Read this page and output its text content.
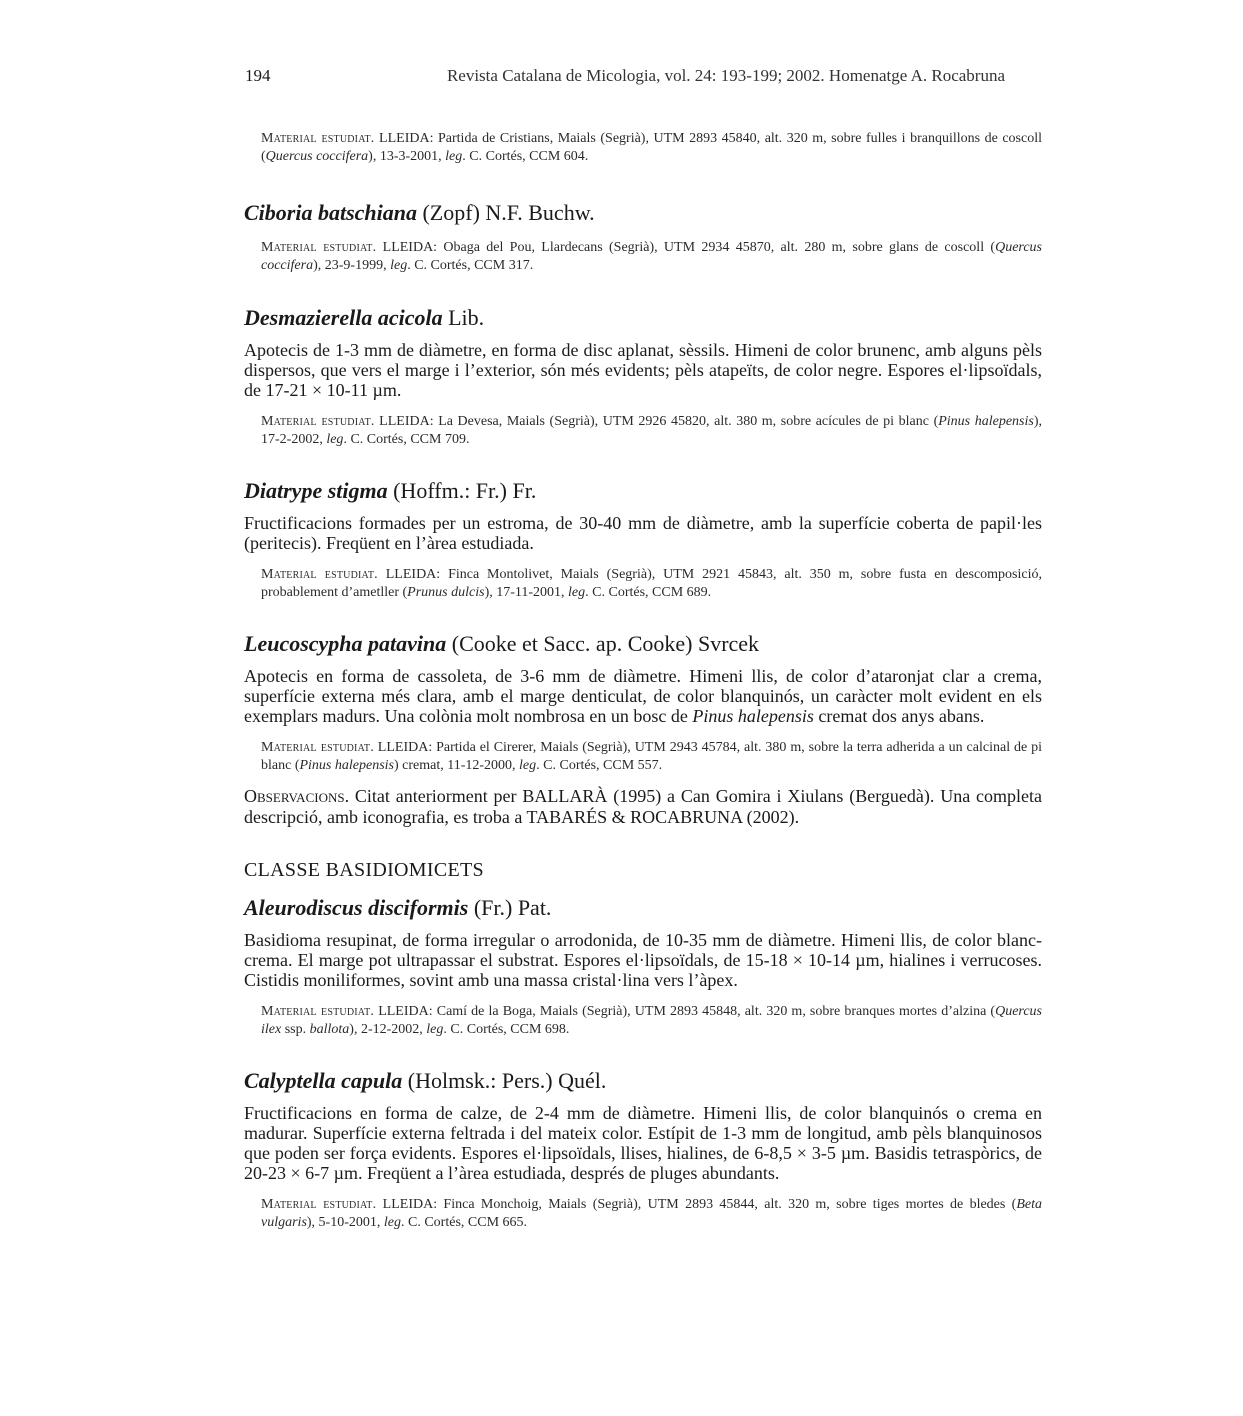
194	Revista Catalana de Micologia, vol. 24: 193-199; 2002. Homenatge A. Rocabruna
Material estudiat. LLEIDA: Partida de Cristians, Maials (Segrià), UTM 2893 45840, alt. 320 m, sobre fulles i branquillons de coscoll (Quercus coccifera), 13-3-2001, leg. C. Cortés, CCM 604.

Ciboria batschiana (Zopf) N.F. Buchw.

Material estudiat. LLEIDA: Obaga del Pou, Llardecans (Segrià), UTM 2934 45870, alt. 280 m, sobre glans de coscoll (Quercus coccifera), 23-9-1999, leg. C. Cortés, CCM 317.

Desmazierella acicola Lib.

Apotecis de 1-3 mm de diàmetre, en forma de disc aplanat, sèssils. Himeni de color brunenc, amb alguns pèls dispersos, que vers el marge i l’exterior, són més evidents; pèls atapeïts, de color negre. Espores el·lipsoïdals, de 17-21 × 10-11 µm.

Material estudiat. LLEIDA: La Devesa, Maials (Segrià), UTM 2926 45820, alt. 380 m, sobre acícules de pi blanc (Pinus halepensis), 17-2-2002, leg. C. Cortés, CCM 709.

Diatrype stigma (Hoffm.: Fr.) Fr.

Fructificacions formades per un estroma, de 30-40 mm de diàmetre, amb la superfície coberta de papil·les (peritecis). Freqüent en l’àrea estudiada.

Material estudiat. LLEIDA: Finca Montolivet, Maials (Segrià), UTM 2921 45843, alt. 350 m, sobre fusta en descomposició, probablement d’ametller (Prunus dulcis), 17-11-2001, leg. C. Cortés, CCM 689.

Leucoscypha patavina (Cooke et Sacc. ap. Cooke) Svrcek

Apotecis en forma de cassoleta, de 3-6 mm de diàmetre. Himeni llis, de color d’ataronjat clar a crema, superfície externa més clara, amb el marge denticulat, de color blanquinós, un caràcter molt evident en els exemplars madurs. Una colònia molt nombrosa en un bosc de Pinus halepensis cremat dos anys abans.

Material estudiat. LLEIDA: Partida el Cirerer, Maials (Segrià), UTM 2943 45784, alt. 380 m, sobre la terra adherida a un calcinal de pi blanc (Pinus halepensis) cremat, 11-12-2000, leg. C. Cortés, CCM 557.
Observacions. Citat anteriorment per BALLARÀ (1995) a Can Gomira i Xiulans (Berguedà). Una completa descripció, amb iconografia, es troba a TABARÉS & ROCABRUNA (2002).
CLASSE BASIDIOMICETS

Aleurodiscus disciformis (Fr.) Pat.

Basidioma resupinat, de forma irregular o arrodonida, de 10-35 mm de diàmetre. Himeni llis, de color blanc-crema. El marge pot ultrapassar el substrat. Espores el·lipsoïdals, de 15-18 × 10-14 µm, hialines i verrucoses. Cistidis moniliformes, sovint amb una massa cristal·lina vers l’àpex.

Material estudiat. LLEIDA: Camí de la Boga, Maials (Segrià), UTM 2893 45848, alt. 320 m, sobre branques mortes d’alzina (Quercus ilex ssp. ballota), 2-12-2002, leg. C. Cortés, CCM 698.

Calyptella capula (Holmsk.: Pers.) Quél.

Fructificacions en forma de calze, de 2-4 mm de diàmetre. Himeni llis, de color blanquinós o crema en madurar. Superfície externa feltrada i del mateix color. Estípit de 1-3 mm de longitud, amb pèls blanquinosos que poden ser força evidents. Espores el·lipsoïdals, llises, hialines, de 6-8,5 × 3-5 µm. Basidis tetraspòrics, de 20-23 × 6-7 µm. Freqüent a l’àrea estudiada, després de pluges abundants.

Material estudiat. LLEIDA: Finca Monchoig, Maials (Segrià), UTM 2893 45844, alt. 320 m, sobre tiges mortes de bledes (Beta vulgaris), 5-10-2001, leg. C. Cortés, CCM 665.
